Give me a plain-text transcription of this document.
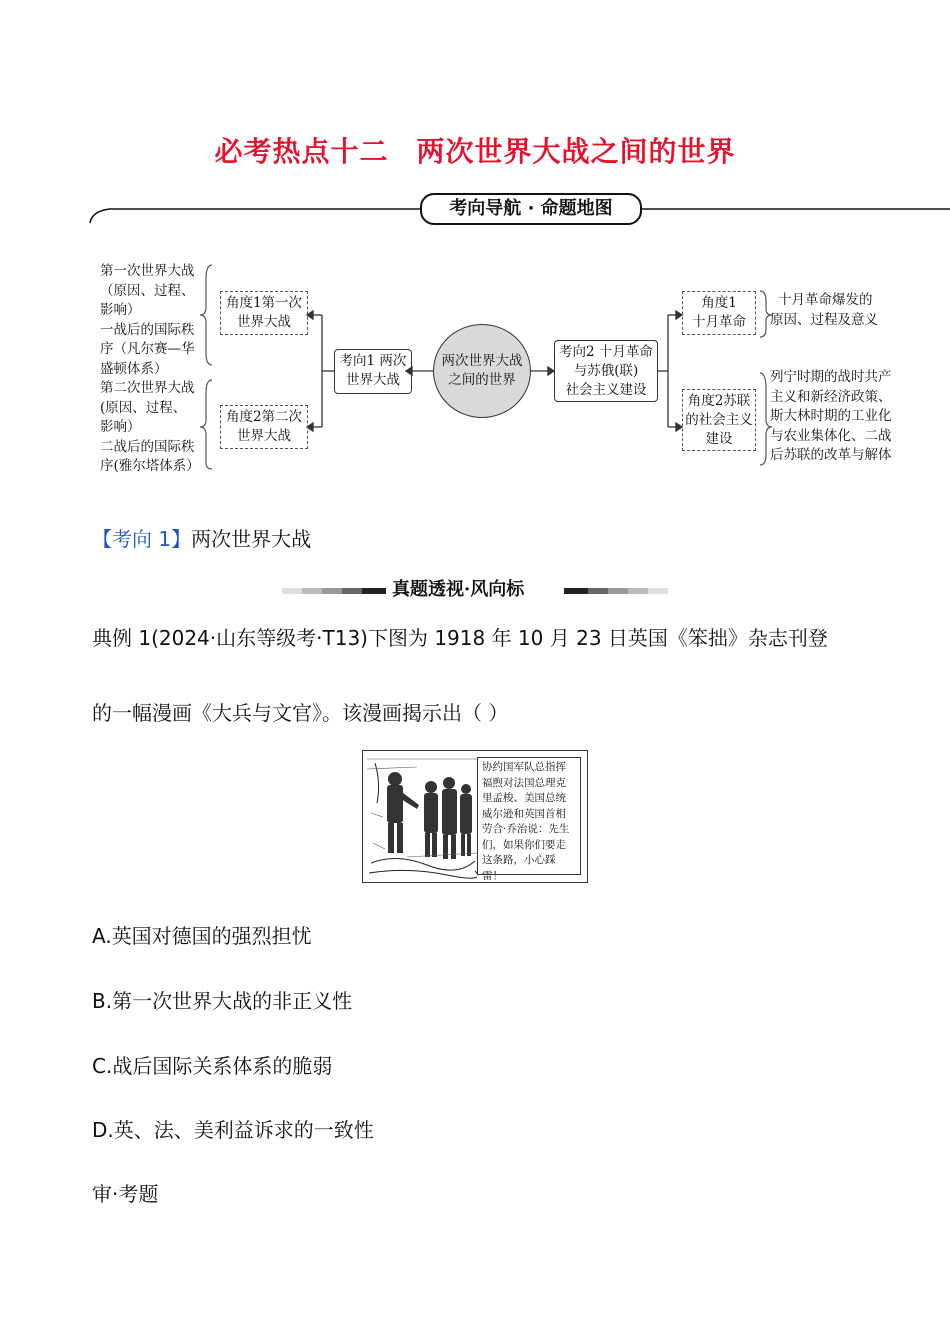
必考热点十二 两次世界大战之间的世界
考向导航 · 命题地图
第一次世界大战
（原因、过程、
影响）
一战后的国际秩
序（凡尔赛—华
盛顿体系）
第二次世界大战
(原因、过程、
影响）
二战后的国际秩
序(雅尔塔体系）
角度1第一次
世界大战
角度2第二次
世界大战
考向1 两次
世界大战
两次世界大战
之间的世界
考向2 十月革命
与苏俄(联)
社会主义建设
角度1
十月革命
角度2苏联
的社会主义
建设
十月革命爆发的
原因、过程及意义
列宁时期的战时共产
主义和新经济政策、
斯大林时期的工业化
与农业集体化、二战
后苏联的改革与解体
【考向 1】两次世界大战
真题透视·风向标
典例 1(2024·山东等级考·T13)下图为 1918 年 10 月 23 日英国《笨拙》杂志刊登
的一幅漫画《大兵与文官》。该漫画揭示出（ ）
协约国军队总指挥
福煦对法国总理克
里孟梭、美国总统
威尔逊和英国首相
劳合·乔治说：先生
们，如果你们要走
这条路，小心踩雷！
A.英国对德国的强烈担忧
B.第一次世界大战的非正义性
C.战后国际关系体系的脆弱
D.英、法、美利益诉求的一致性
审·考题
